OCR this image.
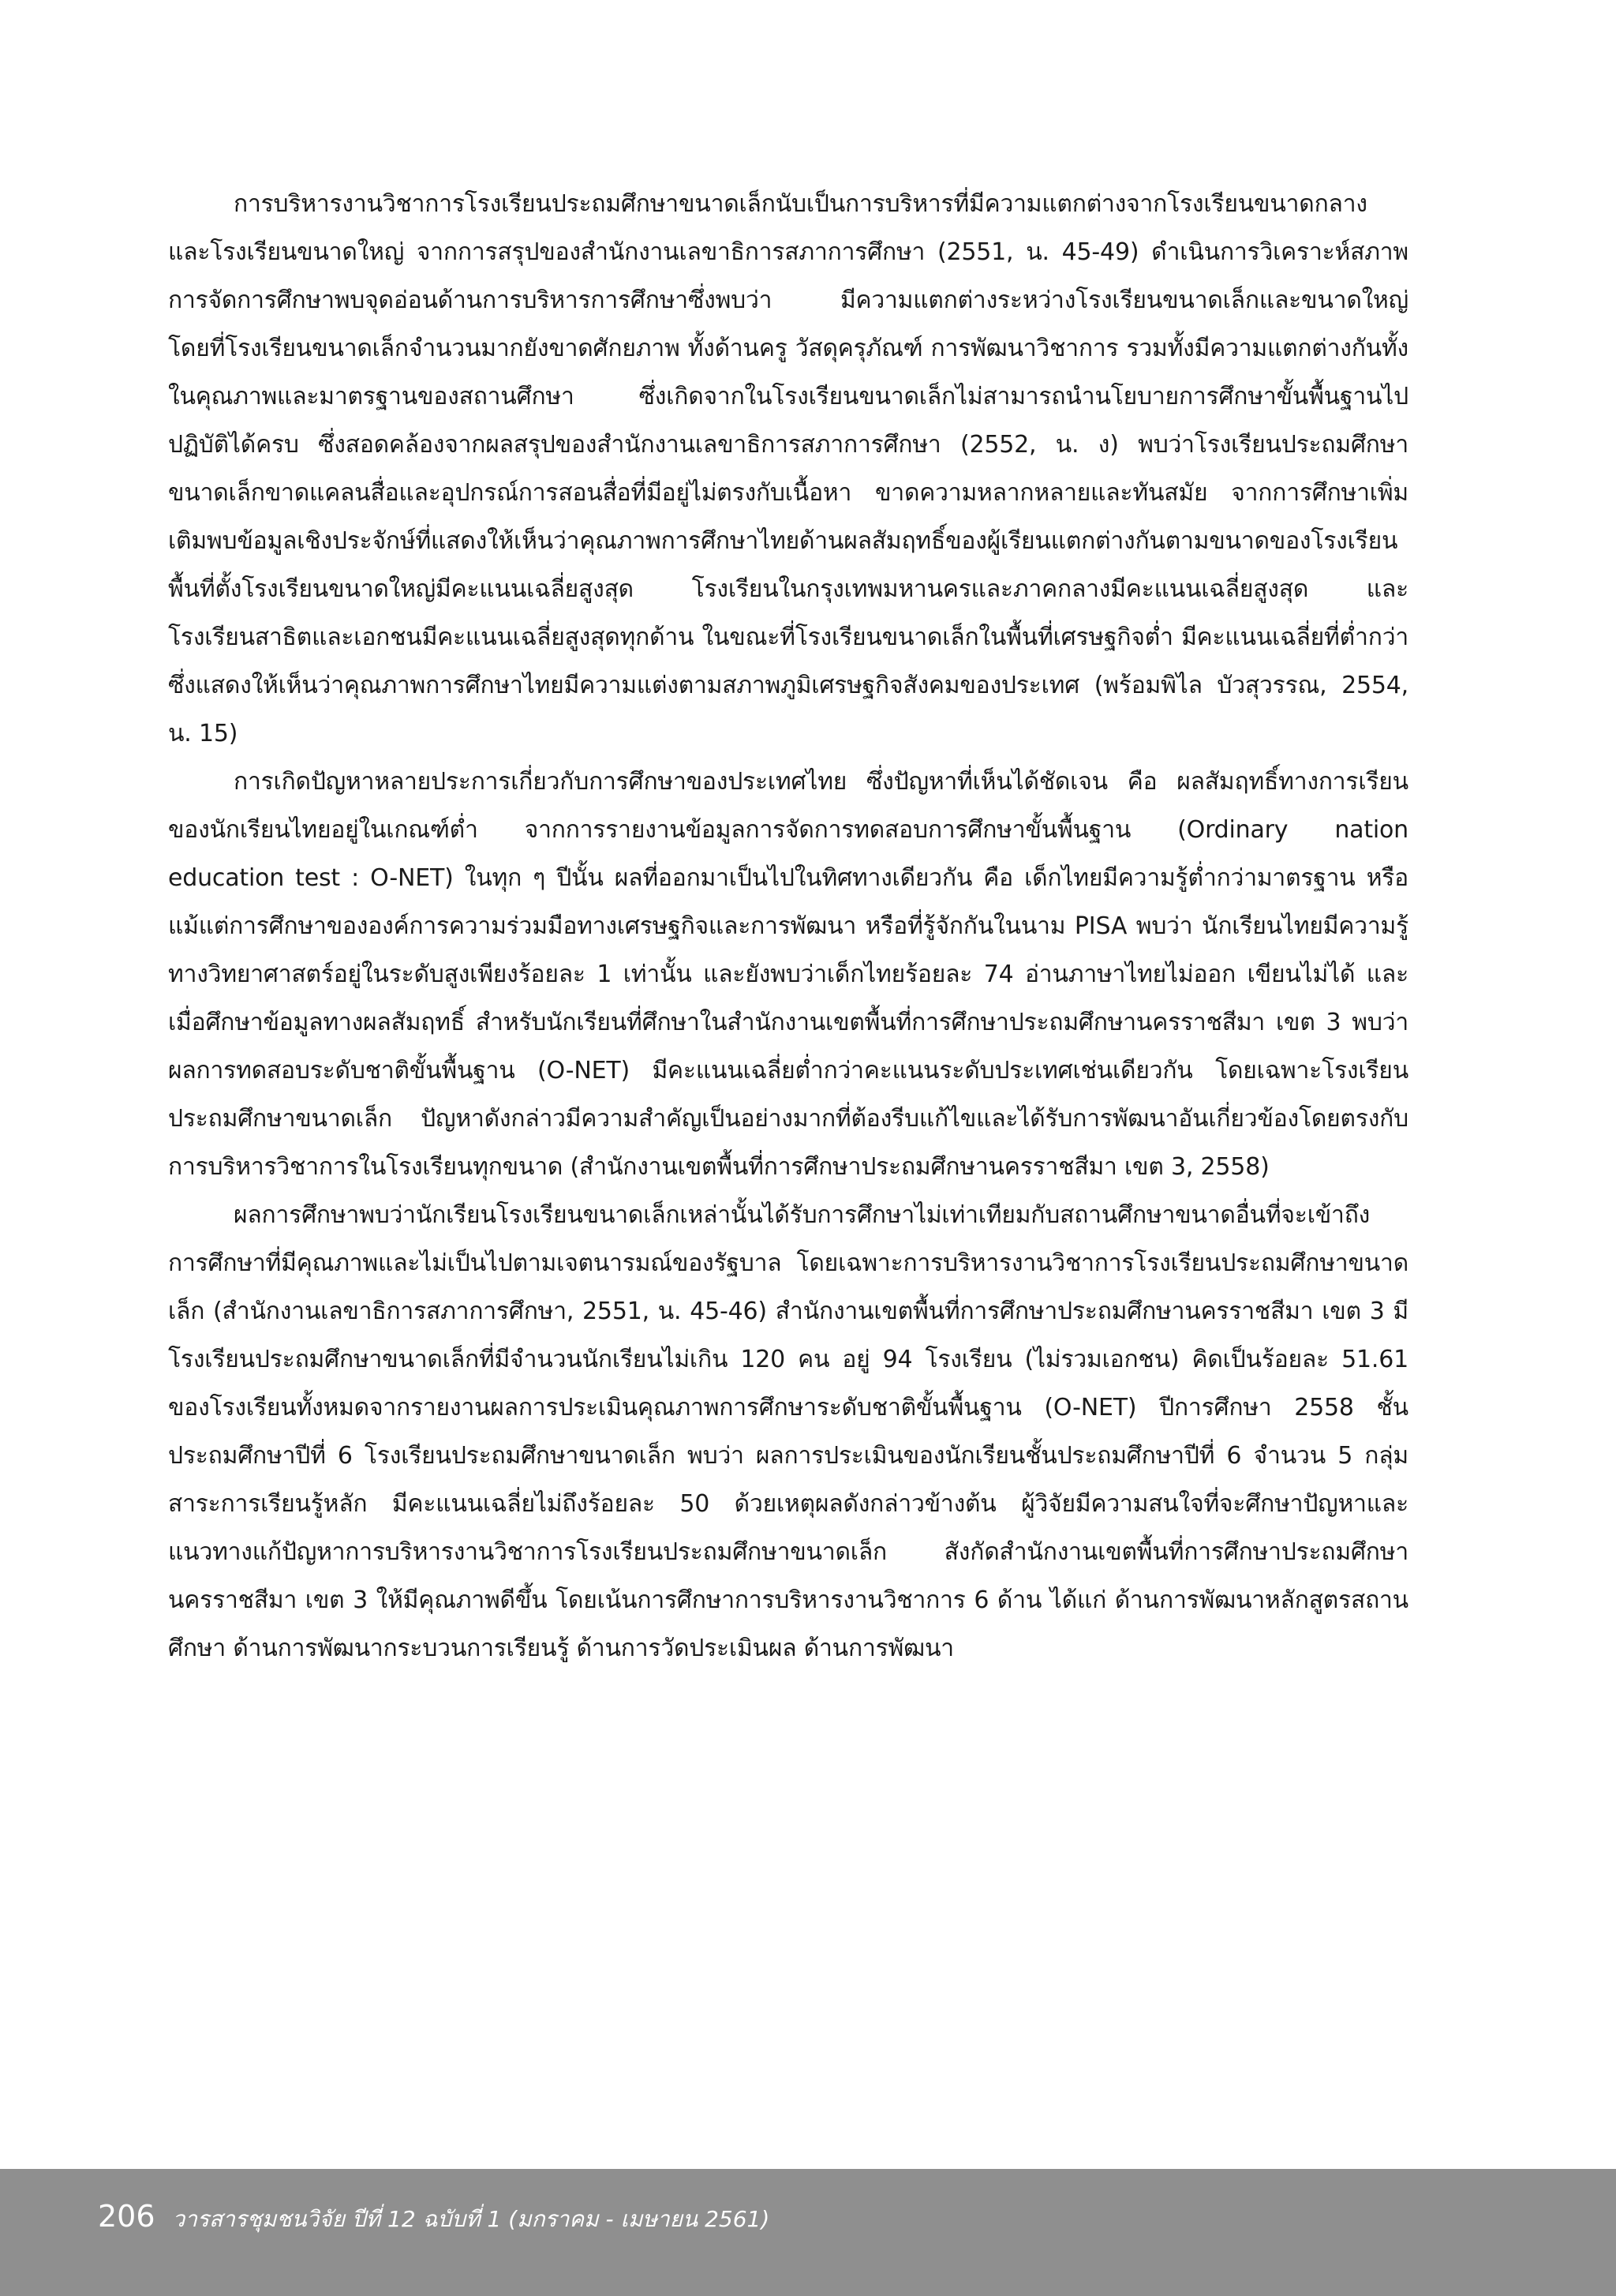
การบริหารงานวิชาการโรงเรียนประถมศึกษาขนาดเล็กนับเป็นการบริหารที่มีความแตกต่างจากโรงเรียนขนาดกลางและโรงเรียนขนาดใหญ่ จากการสรุปของสำนักงานเลขาธิการสภาการศึกษา (2551, น. 45-49) ดำเนินการวิเคราะห์สภาพการจัดการศึกษาพบจุดอ่อนด้านการบริหารการศึกษาซึ่งพบว่า มีความแตกต่างระหว่างโรงเรียนขนาดเล็กและขนาดใหญ่ โดยที่โรงเรียนขนาดเล็กจำนวนมากยังขาดศักยภาพ ทั้งด้านครู วัสดุครุภัณฑ์ การพัฒนาวิชาการ รวมทั้งมีความแตกต่างกันทั้งในคุณภาพและมาตรฐานของสถานศึกษา ซึ่งเกิดจากในโรงเรียนขนาดเล็กไม่สามารถนำนโยบายการศึกษาขั้นพื้นฐานไปปฏิบัติได้ครบ ซึ่งสอดคล้องจากผลสรุปของสำนักงานเลขาธิการสภาการศึกษา (2552, น. ง) พบว่าโรงเรียนประถมศึกษาขนาดเล็กขาดแคลนสื่อและอุปกรณ์การสอนสื่อที่มีอยู่ไม่ตรงกับเนื้อหา ขาดความหลากหลายและทันสมัย จากการศึกษาเพิ่มเติมพบข้อมูลเชิงประจักษ์ที่แสดงให้เห็นว่าคุณภาพการศึกษาไทยด้านผลสัมฤทธิ์ของผู้เรียนแตกต่างกันตามขนาดของโรงเรียน พื้นที่ตั้งโรงเรียนขนาดใหญ่มีคะแนนเฉลี่ยสูงสุด โรงเรียนในกรุงเทพมหานครและภาคกลางมีคะแนนเฉลี่ยสูงสุด และโรงเรียนสาธิตและเอกชนมีคะแนนเฉลี่ยสูงสุดทุกด้าน ในขณะที่โรงเรียนขนาดเล็กในพื้นที่เศรษฐกิจต่ำ มีคะแนนเฉลี่ยที่ต่ำกว่า ซึ่งแสดงให้เห็นว่าคุณภาพการศึกษาไทยมีความแต่งตามสภาพภูมิเศรษฐกิจสังคมของประเทศ (พร้อมพิไล บัวสุวรรณ, 2554, น. 15)

การเกิดปัญหาหลายประการเกี่ยวกับการศึกษาของประเทศไทย ซึ่งปัญหาที่เห็นได้ชัดเจน คือ ผลสัมฤทธิ์ทางการเรียนของนักเรียนไทยอยู่ในเกณฑ์ต่ำ จากการรายงานข้อมูลการจัดการทดสอบการศึกษาขั้นพื้นฐาน (Ordinary nation education test : O-NET) ในทุก ๆ ปีนั้น ผลที่ออกมาเป็นไปในทิศทางเดียวกัน คือ เด็กไทยมีความรู้ต่ำกว่ามาตรฐาน หรือแม้แต่การศึกษาขององค์การความร่วมมือทางเศรษฐกิจและการพัฒนา หรือที่รู้จักกันในนาม PISA พบว่า นักเรียนไทยมีความรู้ทางวิทยาศาสตร์อยู่ในระดับสูงเพียงร้อยละ 1 เท่านั้น และยังพบว่าเด็กไทยร้อยละ 74 อ่านภาษาไทยไม่ออก เขียนไม่ได้ และเมื่อศึกษาข้อมูลทางผลสัมฤทธิ์ สำหรับนักเรียนที่ศึกษาในสำนักงานเขตพื้นที่การศึกษาประถมศึกษานครราชสีมา เขต 3 พบว่า ผลการทดสอบระดับชาติขั้นพื้นฐาน (O-NET) มีคะแนนเฉลี่ยต่ำกว่าคะแนนระดับประเทศเช่นเดียวกัน โดยเฉพาะโรงเรียนประถมศึกษาขนาดเล็ก ปัญหาดังกล่าวมีความสำคัญเป็นอย่างมากที่ต้องรีบแก้ไขและได้รับการพัฒนาอันเกี่ยวข้องโดยตรงกับการบริหารวิชาการในโรงเรียนทุกขนาด (สำนักงานเขตพื้นที่การศึกษาประถมศึกษานครราชสีมา เขต 3, 2558)

ผลการศึกษาพบว่านักเรียนโรงเรียนขนาดเล็กเหล่านั้นได้รับการศึกษาไม่เท่าเทียมกับสถานศึกษาขนาดอื่นที่จะเข้าถึงการศึกษาที่มีคุณภาพและไม่เป็นไปตามเจตนารมณ์ของรัฐบาล โดยเฉพาะการบริหารงานวิชาการโรงเรียนประถมศึกษาขนาดเล็ก (สำนักงานเลขาธิการสภาการศึกษา, 2551, น. 45-46) สำนักงานเขตพื้นที่การศึกษาประถมศึกษานครราชสีมา เขต 3 มีโรงเรียนประถมศึกษาขนาดเล็กที่มีจำนวนนักเรียนไม่เกิน 120 คน อยู่ 94 โรงเรียน (ไม่รวมเอกชน) คิดเป็นร้อยละ 51.61 ของโรงเรียนทั้งหมดจากรายงานผลการประเมินคุณภาพการศึกษาระดับชาติขั้นพื้นฐาน (O-NET) ปีการศึกษา 2558 ชั้นประถมศึกษาปีที่ 6 โรงเรียนประถมศึกษาขนาดเล็ก พบว่า ผลการประเมินของนักเรียนชั้นประถมศึกษาปีที่ 6 จำนวน 5 กลุ่มสาระการเรียนรู้หลัก มีคะแนนเฉลี่ยไม่ถึงร้อยละ 50 ด้วยเหตุผลดังกล่าวข้างต้น ผู้วิจัยมีความสนใจที่จะศึกษาปัญหาและแนวทางแก้ปัญหาการบริหารงานวิชาการโรงเรียนประถมศึกษาขนาดเล็ก สังกัดสำนักงานเขตพื้นที่การศึกษาประถมศึกษานครราชสีมา เขต 3 ให้มีคุณภาพดีขึ้น โดยเน้นการศึกษาการบริหารงานวิชาการ 6 ด้าน ได้แก่ ด้านการพัฒนาหลักสูตรสถานศึกษา ด้านการพัฒนากระบวนการเรียนรู้ ด้านการวัดประเมินผล ด้านการพัฒนา

206 วารสารชุมชนวิจัย ปีที่ 12 ฉบับที่ 1 (มกราคม - เมษายน 2561)
